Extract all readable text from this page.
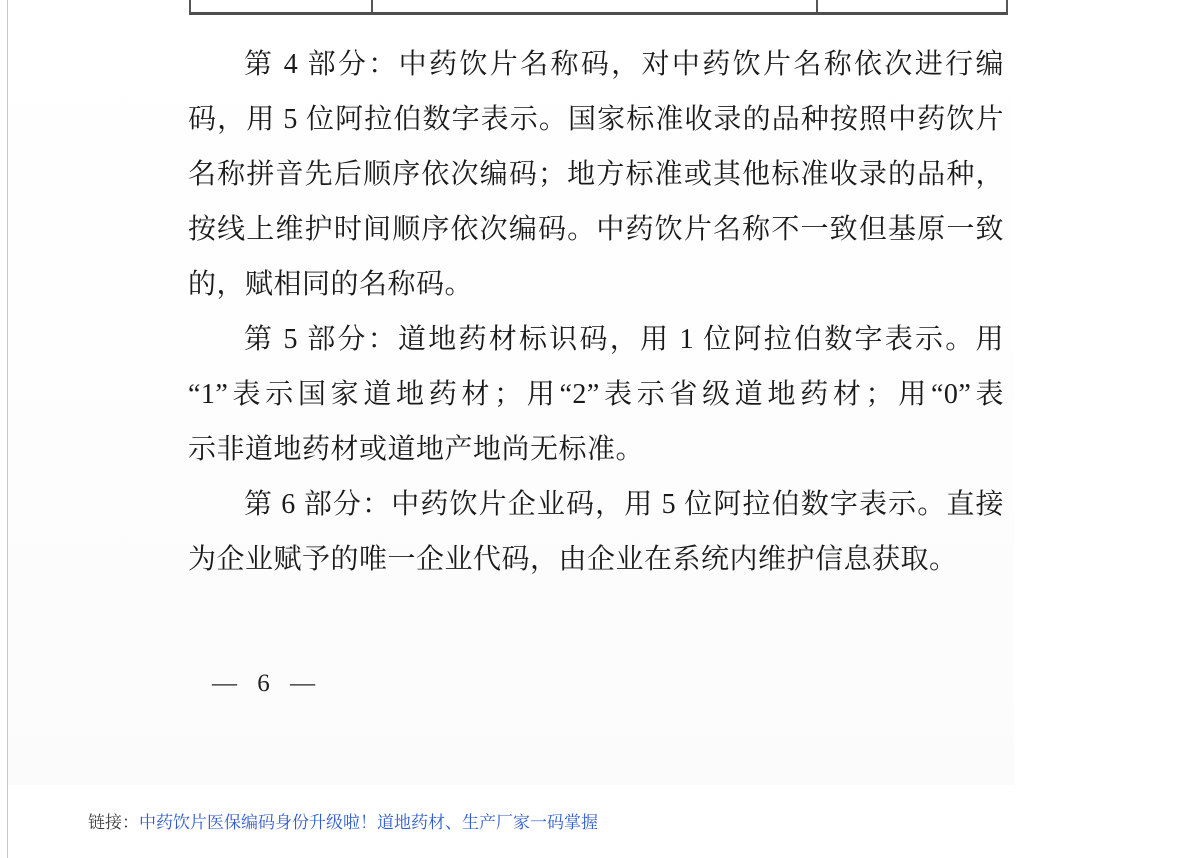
第 4 部分：中药饮片名称码，对中药饮片名称依次进行编
码，用 5 位阿拉伯数字表示。国家标准收录的品种按照中药饮片
名称拼音先后顺序依次编码；地方标准或其他标准收录的品种，
按线上维护时间顺序依次编码。中药饮片名称不一致但基原一致
的，赋相同的名称码。
第 5 部分：道地药材标识码，用 1 位阿拉伯数字表示。用
“1”表示国家道地药材；用“2”表示省级道地药材；用“0”表
示非道地药材或道地产地尚无标准。
第 6 部分：中药饮片企业码，用 5 位阿拉伯数字表示。直接
为企业赋予的唯一企业代码，由企业在系统内维护信息获取。
— 6 —
链接：中药饮片医保编码身份升级啦！道地药材、生产厂家一码掌握
